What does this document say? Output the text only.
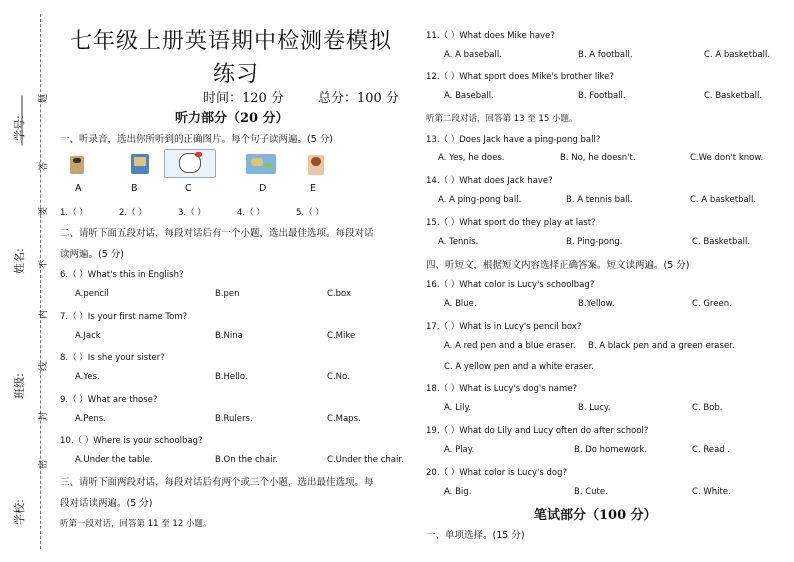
学号:
姓名:
班级:
学校:
题
答
要
不
内
线
封
密
七年级上册英语期中检测卷模拟
练习
时间：120 分	总分：100 分
听力部分（20 分）
一、听录音，选出你所听到的正确图片。每个句子读两遍。(5 分)
A	B	C	D	E
1.（ ）	2.（ ）	3.（ ）	4.（ ）	5.（ ）
二、请听下面五段对话，每段对话后有一个小题，选出最佳选项。每段对话
读两遍。(5 分)
6.（ ）What's this in English?
A.pencil	B.pen	C.box
7.（ ）Is your first name Tom?
A.Jack	B.Nina	C.Mike
8.（ ）Is she your sister?
A.Yes.	B.Hello.	C.No.
9.（ ）What are those?
A.Pens.	B.Rulers.	C.Maps.
10.（ ）Where is your schoolbag?
A.Under the table.	B.On the chair.	C.Under the chair.
三、请听下面两段对话，每段对话后有两个或三个小题，选出最佳选项。每
段对话读两遍。(5 分)
听第一段对话，回答第 11 至 12 小题。
11.（ ）What does Mike have?
A. A baseball.	B. A football.	C. A basketball.
12.（ ）What sport does Mike's brother like?
A. Baseball.	B. Football.	C. Basketball.
听第二段对话，回答第 13 至 15 小题。
13.（ ）Does Jack have a ping-pong ball?
A. Yes, he does.	B. No, he doesn't.	C.We don't know.
14.（ ）What does Jack have?
A. A ping-pong ball.	B. A tennis ball.	C. A basketball.
15.（ ）What sport do they play at last?
A. Tennis.	B. Ping-pong.	C. Basketball.
四、听短文，根据短文内容选择正确答案。短文读两遍。(5 分)
16.（ ）What color is Lucy's schoolbag?
A. Blue.	B.Yellow.	C. Green.
17.（ ）What is in Lucy's pencil box?
A. A red pen and a blue eraser. B. A black pen and a green eraser.
C. A yellow pen and a white eraser.
18.（ ）What is Lucy's dog's name?
A. Lily.	B. Lucy.	C. Bob.
19.（ ）What do Lily and Lucy often do after school?
A. Play.	B. Do homework.	C. Read .
20.（ ）What color is Lucy's dog?
A. Big.	B. Cute.	C. White.
笔试部分（100 分）
一、单项选择。(15 分)
